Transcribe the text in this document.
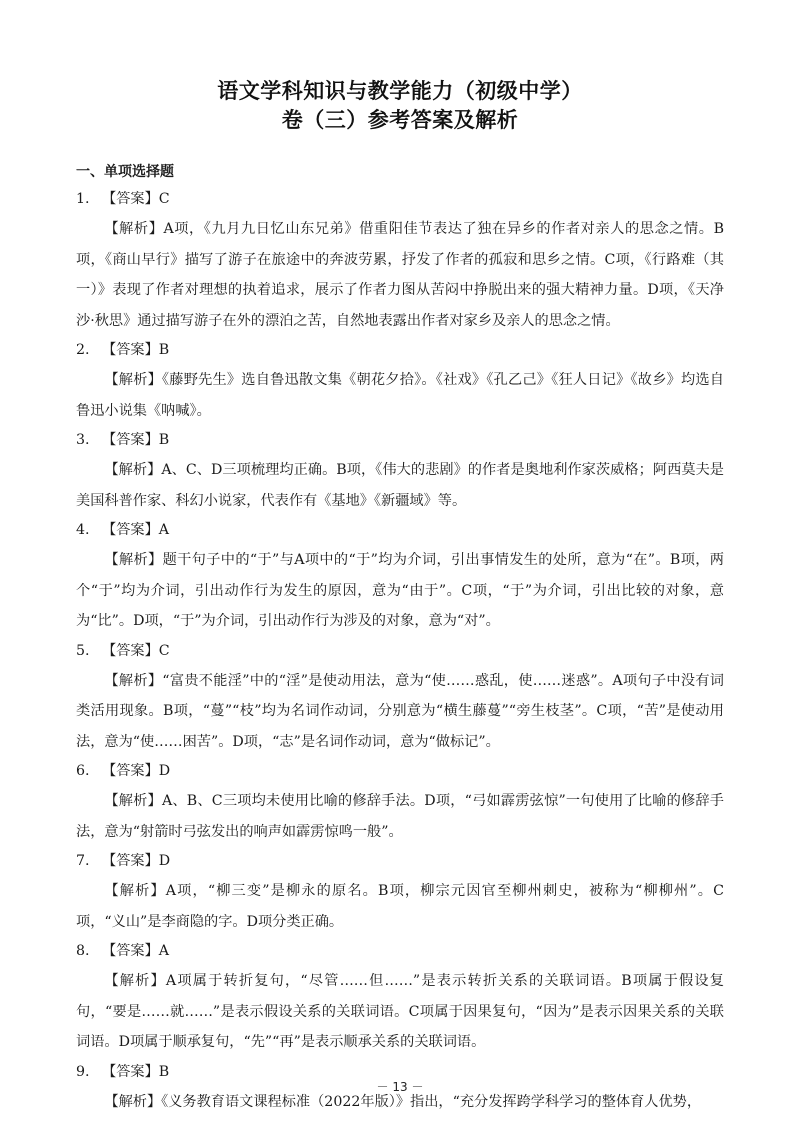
语文学科知识与教学能力（初级中学）
卷（三）参考答案及解析
一、单项选择题
1. 【答案】C

【解析】A项，《九月九日忆山东兄弟》借重阳佳节表达了独在异乡的作者对亲人的思念之情。B项，《商山早行》描写了游子在旅途中的奔波劳累，抒发了作者的孤寂和思乡之情。C项，《行路难（其一）》表现了作者对理想的执着追求，展示了作者力图从苦闷中挣脱出来的强大精神力量。D项，《天净沙·秋思》通过描写游子在外的漂泊之苦，自然地表露出作者对家乡及亲人的思念之情。

2. 【答案】B

【解析】《藤野先生》选自鲁迅散文集《朝花夕拾》。《社戏》《孔乙己》《狂人日记》《故乡》均选自鲁迅小说集《呐喊》。

3. 【答案】B

【解析】A、C、D三项梳理均正确。B项，《伟大的悲剧》的作者是奥地利作家茨威格；阿西莫夫是美国科普作家、科幻小说家，代表作有《基地》《新疆域》等。

4. 【答案】A

【解析】题干句子中的“于”与A项中的“于”均为介词，引出事情发生的处所，意为“在”。B项，两个“于”均为介词，引出动作行为发生的原因，意为“由于”。C项，“于”为介词，引出比较的对象，意为“比”。D项，“于”为介词，引出动作行为涉及的对象，意为“对”。

5. 【答案】C

【解析】“富贵不能淫”中的“淫”是使动用法，意为“使……惑乱，使……迷惑”。A项句子中没有词类活用现象。B项，“蔓”“枝”均为名词作动词，分别意为“横生藤蔓”“旁生枝茎”。C项，“苦”是使动用法，意为“使……困苦”。D项，“志”是名词作动词，意为“做标记”。

6. 【答案】D

【解析】A、B、C三项均未使用比喻的修辞手法。D项，“弓如霹雳弦惊”一句使用了比喻的修辞手法，意为“射箭时弓弦发出的响声如霹雳惊鸣一般”。

7. 【答案】D

【解析】A项，“柳三变”是柳永的原名。B项，柳宗元因官至柳州刺史，被称为“柳柳州”。C项，“义山”是李商隐的字。D项分类正确。

8. 【答案】A

【解析】A项属于转折复句，“尽管……但……”是表示转折关系的关联词语。B项属于假设复句，“要是……就……”是表示假设关系的关联词语。C项属于因果复句，“因为”是表示因果关系的关联词语。D项属于顺承复句，“先”“再”是表示顺承关系的关联词语。

9. 【答案】B

【解析】《义务教育语文课程标准（2022年版）》指出，“充分发挥跨学科学习的整体育人优势，

－ 13 －
